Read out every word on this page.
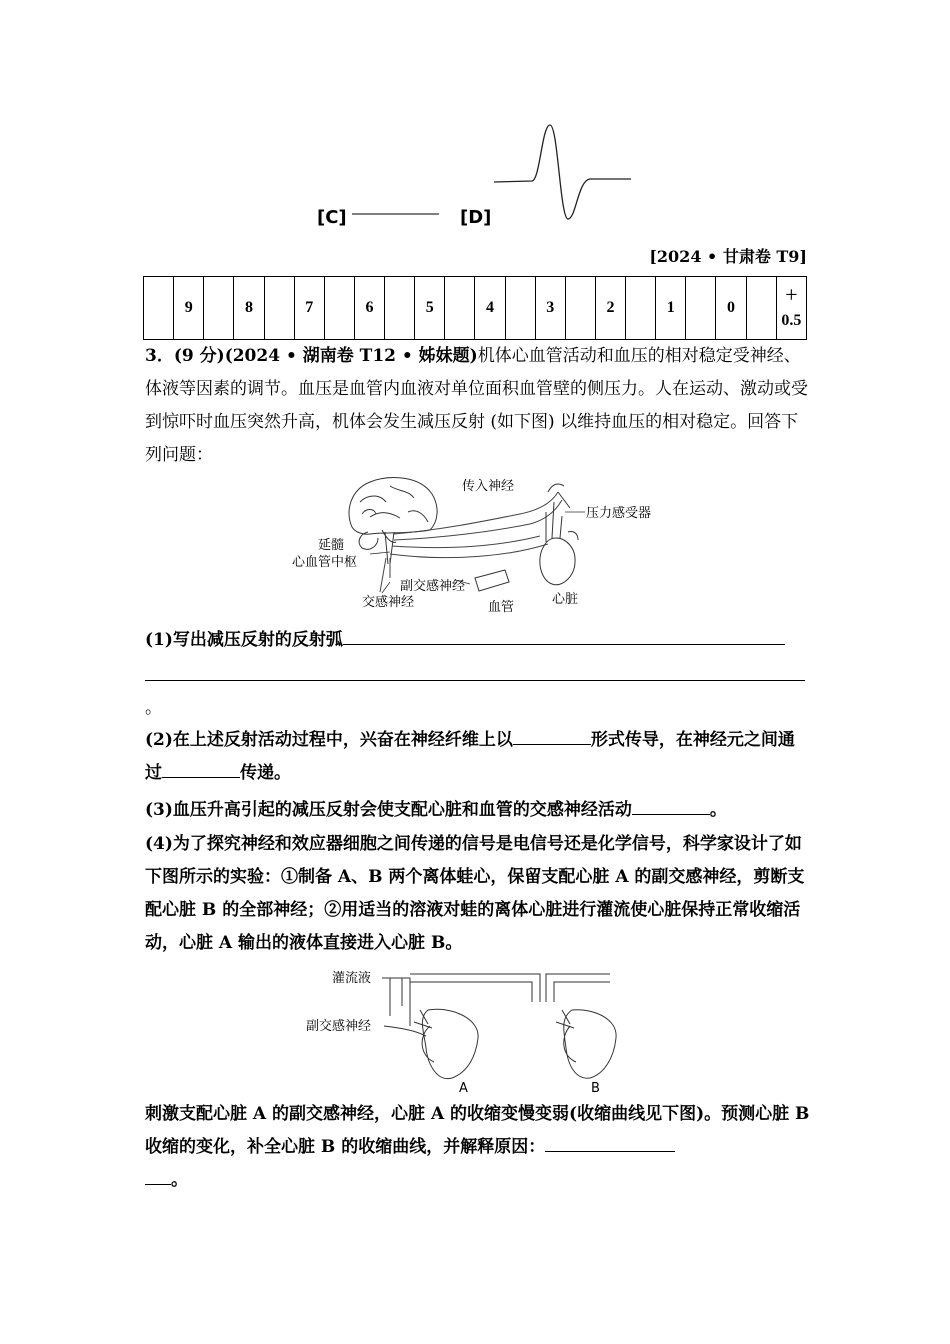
[C]	[D]
[2024 • 甘肃卷 T9]
	9		8		7		6		5		4		3		2		1		0		
+
0.5

3．(9 分)(2024 • 湖南卷 T12 • 姊妹题)机体心血管活动和血压的相对稳定受神经、体液等因素的调节。血压是血管内血液对单位面积血管壁的侧压力。人在运动、激动或受到惊吓时血压突然升高，机体会发生减压反射 (如下图) 以维持血压的相对稳定。回答下列问题：

传入神经
压力感受器
延髓
心血管中枢
副交感神经
交感神经	血管
心脏

(1)写出减压反射的反射弧

。

(2)在上述反射活动过程中，兴奋在神经纤维上以	形式传导，在神经元之间通过	传递。

(3)血压升高引起的减压反射会使支配心脏和血管的交感神经活动	。

(4)为了探究神经和效应器细胞之间传递的信号是电信号还是化学信号，科学家设计了如下图所示的实验：①制备 A、B 两个离体蛙心，保留支配心脏 A 的副交感神经，剪断支配心脏 B 的全部神经；②用适当的溶液对蛙的离体心脏进行灌流使心脏保持正常收缩活动，心脏 A 输出的液体直接进入心脏 B。

灌流液
副交感神经
A	B

刺激支配心脏 A 的副交感神经，心脏 A 的收缩变慢变弱(收缩曲线见下图)。预测心脏 B 收缩的变化，补全心脏 B 的收缩曲线，并解释原因：

。
